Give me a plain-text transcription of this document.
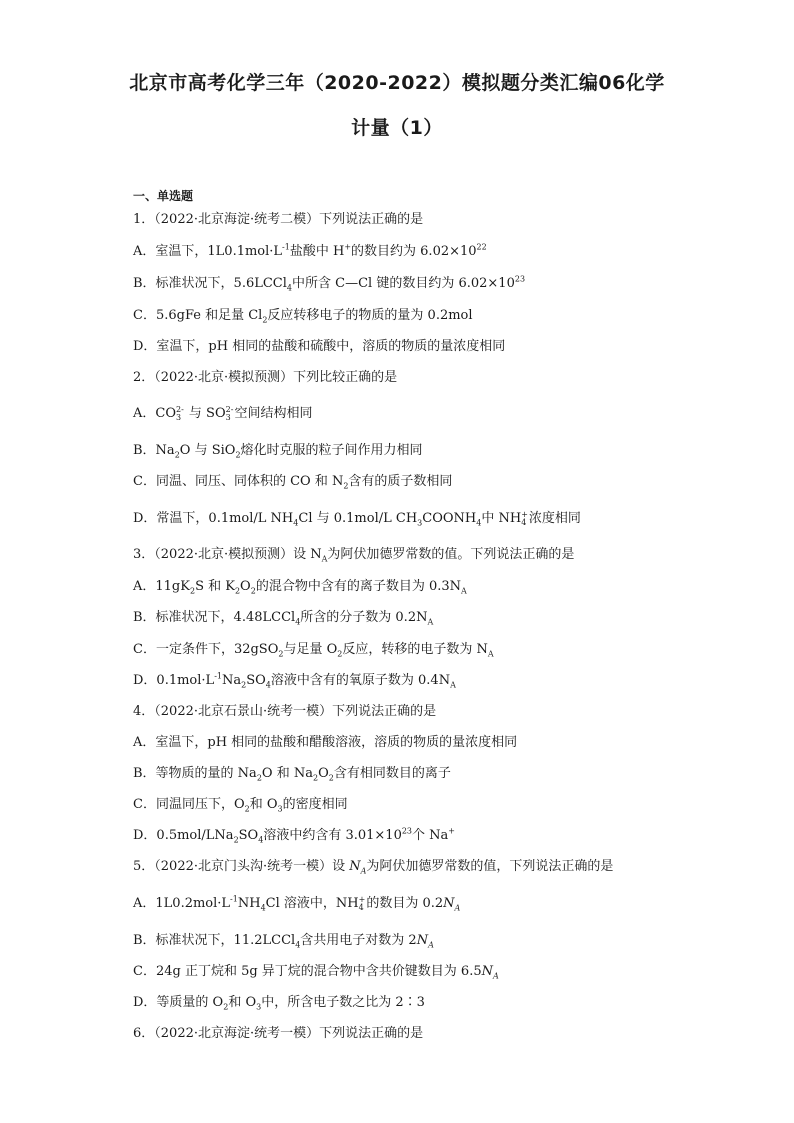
北京市高考化学三年（2020-2022）模拟题分类汇编06化学
计量（1）
一、单选题
1．（2022·北京海淀·统考二模）下列说法正确的是
A．室温下，$1L0.1mol\cdot L^{-1}$盐酸中 H+的数目约为 $6.02\times 10^{22}$
B．标准状况下，5.6LCCl$_4$中所含 C—Cl 键的数目约为 $6.02\times 10^{23}$
C．5.6gFe 和足量 $Cl_2$反应转移电子的物质的量为 0.2mol
D．室温下，pH 相同的盐酸和硫酸中，溶质的物质的量浓度相同
2．（2022·北京·模拟预测）下列比较正确的是
A．CO 2-
3 与 SO 2-
3 空间结构相同
B．$Na_2O$ 与 SiO$_2$熔化时克服的粒子间作用力相同
C．同温、同压、同体积的 CO 和 $N_2$含有的质子数相同
D．常温下，0.1mol/L $NH_4Cl$ 与 0.1mol/L $CH_3COONH_4$中 NH +
4 浓度相同
3．（2022·北京·模拟预测）设 $N_A$为阿伏加德罗常数的值。下列说法正确的是
A．$11gK_2S$ 和 $K_2O_2$的混合物中含有的离子数目为 $0.3N_A$
B．标准状况下，4.48LCCl$_4$所含的分子数为 $0.2N_A$
C．一定条件下，32gSO$_2$与足量 $O_2$反应，转移的电子数为 $N_A$
D．$0.1mol\cdot L^{-1}Na_2SO_4$溶液中含有的氧原子数为 $0.4N_A$
4．（2022·北京石景山·统考一模）下列说法正确的是
A．室温下，pH 相同的盐酸和醋酸溶液，溶质的物质的量浓度相同
B．等物质的量的 $Na_2O$ 和 $Na_2O_2$含有相同数目的离子
C．同温同压下，$O_2$和 $O_3$的密度相同
D．$0.5mol/LNa_2SO_4$溶液中约含有 $3.01\times 10^{23}$个 Na+
5．（2022·北京门头沟·统考一模）设 $N_A$为阿伏加德罗常数的值，下列说法正确的是
A．$1L0.2mol\cdot L^{-1}NH_4Cl$ 溶液中，NH +
4 的数目为 $0.2N_A$
B．标准状况下，11.2LCCl$_4$含共用电子对数为 $2N_A$
C．24g 正丁烷和 5g 异丁烷的混合物中含共价键数目为 $6.5N_A$
D．等质量的 $O_2$和 $O_3$中，所含电子数之比为 2∶3
6．（2022·北京海淀·统考一模）下列说法正确的是
